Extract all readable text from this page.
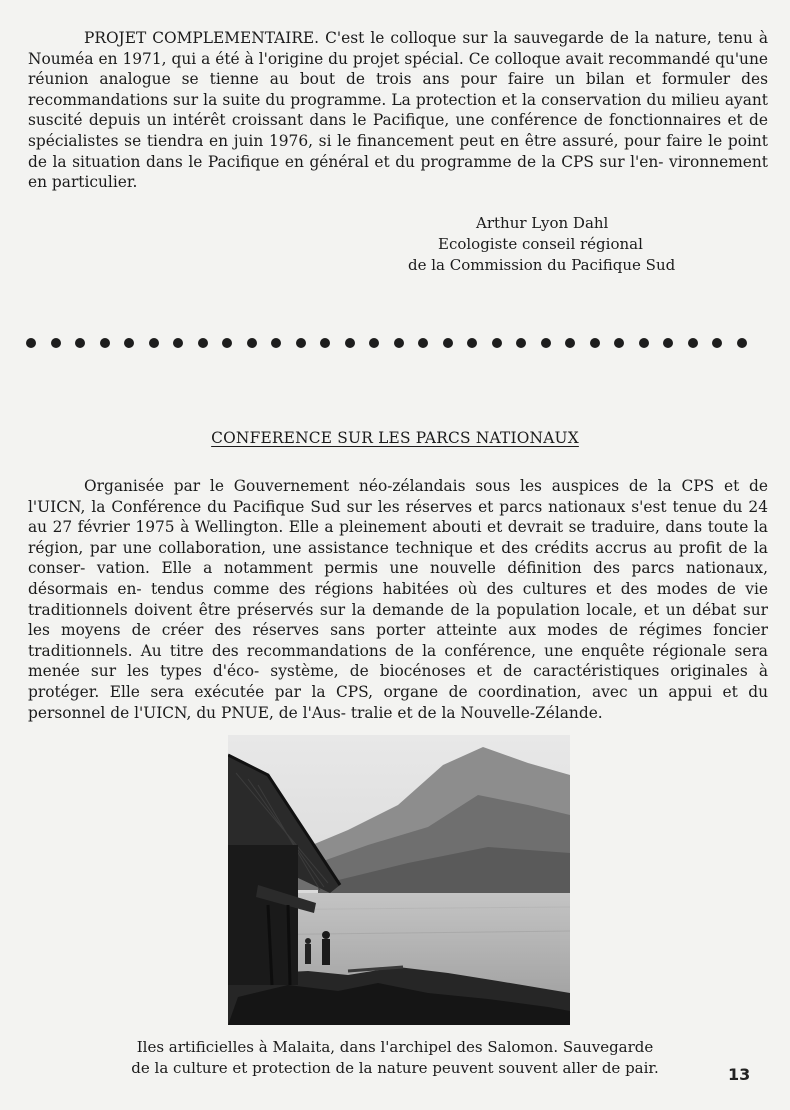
PROJET COMPLEMENTAIRE. C'est le colloque sur la sauvegarde de la nature, tenu à Nouméa en 1971, qui a été à l'origine du projet spécial. Ce colloque avait recommandé qu'une réunion analogue se tienne au bout de trois ans pour faire un bilan et formuler des recommandations sur la suite du programme. La protection et la conservation du milieu ayant suscité depuis un intérêt croissant dans le Pacifique, une conférence de fonctionnaires et de spécialistes se tiendra en juin 1976, si le financement peut en être assuré, pour faire le point de la situation dans le Pacifique en général et du programme de la CPS sur l'en- vironnement en particulier.

Arthur Lyon Dahl
Ecologiste conseil régional
de la Commission du Pacifique Sud
CONFERENCE SUR LES PARCS NATIONAUX

Organisée par le Gouvernement néo-zélandais sous les auspices de la CPS et de l'UICN, la Conférence du Pacifique Sud sur les réserves et parcs nationaux s'est tenue du 24 au 27 février 1975 à Wellington. Elle a pleinement abouti et devrait se traduire, dans toute la région, par une collaboration, une assistance technique et des crédits accrus au profit de la conser- vation. Elle a notamment permis une nouvelle définition des parcs nationaux, désormais en- tendus comme des régions habitées où des cultures et des modes de vie traditionnels doivent être préservés sur la demande de la population locale, et un débat sur les moyens de créer des réserves sans porter atteinte aux modes de régimes foncier traditionnels. Au titre des recommandations de la conférence, une enquête régionale sera menée sur les types d'éco- système, de biocénoses et de caractéristiques originales à protéger. Elle sera exécutée par la CPS, organe de coordination, avec un appui et du personnel de l'UICN, du PNUE, de l'Aus- tralie et de la Nouvelle-Zélande.

Iles artificielles à Malaita, dans l'archipel des Salomon. Sauvegarde
de la culture et protection de la nature peuvent souvent aller de pair.	13
